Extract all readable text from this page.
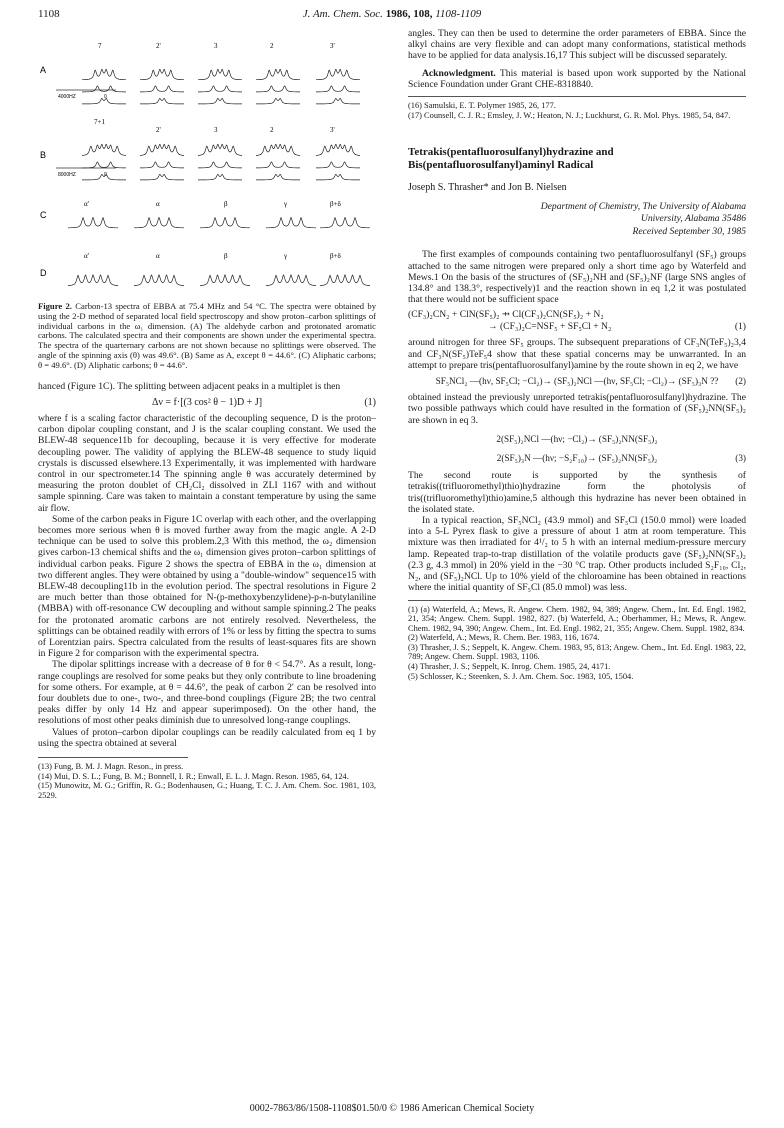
1108	J. Am. Chem. Soc. 1986, 108, 1108-1109
A
B
C
D
4000HZ	0
8000HZ	0
7	2'	3	2	3'
7+1
2'	3	2	3'
α'	α	β	γ	β+δ
α'	α	β	γ	β+δ
Figure 2. Carbon-13 spectra of EBBA at 75.4 MHz and 54 °C. The spectra were obtained by using the 2-D method of separated local field spectroscopy and show proton–carbon splittings of individual carbons in the ω₁ dimension. (A) The aldehyde carbon and protonated aromatic carbons. The calculated spectra and their components are shown under the experimental spectra. The spectra of the quarternary carbons are not shown because no splittings were observed. The angle of the spinning axis (θ) was 49.6°. (B) Same as A, except θ = 44.6°. (C) Aliphatic carbons; θ = 49.6°. (D) Aliphatic carbons; θ = 44.6°.

hanced (Figure 1C). The splitting between adjacent peaks in a multiplet is then

Δν = f·[(3 cos² θ − 1)D + J]	(1)

where f is a scaling factor characteristic of the decoupling sequence, D is the proton–carbon dipolar coupling constant, and J is the scalar coupling constant. We used the BLEW-48 sequence11b for decoupling, because it is very effective for moderate decoupling power. The validity of applying the BLEW-48 sequence to study liquid crystals is discussed elsewhere.13 Experimentally, it was implemented with hardware control in our spectrometer.14 The spinning angle θ was accurately determined by measuring the proton doublet of CH₂Cl₂ dissolved in ZLI 1167 with and without sample spinning. Care was taken to maintain a constant temperature by using the same air flow.

Some of the carbon peaks in Figure 1C overlap with each other, and the overlapping becomes more serious when θ is moved further away from the magic angle. A 2-D technique can be used to solve this problem.2,3 With this method, the ω₂ dimension gives carbon-13 chemical shifts and the ω₁ dimension gives proton–carbon splittings of individual carbon peaks. Figure 2 shows the spectra of EBBA in the ω₁ dimension at two different angles. They were obtained by using a "double-window" sequence15 with BLEW-48 decoupling11b in the evolution period. The spectral resolutions in Figure 2 are much better than those obtained for N-(p-methoxybenzylidene)-p-n-butylaniline (MBBA) with off-resonance CW decoupling and without sample spinning.2 The peaks for the protonated aromatic carbons are not entirely resolved. Nevertheless, the splittings can be obtained readily with errors of 1% or less by fitting the spectra to sums of Lorentzian pairs. Spectra calculated from the results of least-squares fits are shown in Figure 2 for comparison with the experimental spectra.

The dipolar splittings increase with a decrease of θ for θ < 54.7°. As a result, long-range couplings are resolved for some peaks but they only contribute to line broadening for some others. For example, at θ = 44.6°, the peak of carbon 2′ can be resolved into four doublets due to one-, two-, and three-bond couplings (Figure 2B; the two central peaks differ by only 14 Hz and appear superimposed). On the other hand, the resolutions of most other peaks diminish due to unresolved long-range couplings.

Values of proton–carbon dipolar couplings can be readily calculated from eq 1 by using the spectra obtained at several

(13) Fung, B. M. J. Magn. Reson., in press.

(14) Mui, D. S. L.; Fung, B. M.; Bonnell, I. R.; Enwall, E. L. J. Magn. Reson. 1985, 64, 124.

(15) Munowitz, M. G.; Griffin, R. G.; Bodenhausen, G.; Huang, T. C. J. Am. Chem. Soc. 1981, 103, 2529.

angles. They can then be used to determine the order parameters of EBBA. Since the alkyl chains are very flexible and can adopt many conformations, statistical methods have to be applied for data analysis.16,17 This subject will be discussed separately.

Acknowledgment. This material is based upon work supported by the National Science Foundation under Grant CHE-8318840.

(16) Samulski, E. T. Polymer 1985, 26, 177.

(17) Counsell, C. J. R.; Emsley, J. W.; Heaton, N. J.; Luckhurst, G. R. Mol. Phys. 1985, 54, 847.

Tetrakis(pentafluorosulfanyl)hydrazine and Bis(pentafluorosulfanyl)aminyl Radical

Joseph S. Thrasher* and Jon B. Nielsen

Department of Chemistry, The University of Alabama
University, Alabama 35486

Received September 30, 1985

The first examples of compounds containing two pentafluorosulfanyl (SF₅) groups attached to the same nitrogen were prepared only a short time ago by Waterfeld and Mews.1 On the basis of the structures of (SF₅)₂NH and (SF₅)₂NF (large SNS angles of 134.8° and 138.3°, respectively)1 and the reaction shown in eq 1,2 it was postulated that there would not be sufficient space

(CF₃)₂CN₂ + ClN(SF₅)₂ ⇸ Cl(CF₃)₂CN(SF₅)₂ + N₂
→ (CF₃)₂C=NSF₅ + SF₅Cl + N₂	(1)

around nitrogen for three SF₅ groups. The subsequent preparations of CF₃N(TeF₅)₂3,4 and CF₃N(SF₅)TeF₅4 show that these spatial concerns may be unwarranted. In an attempt to prepare tris(pentafluorosulfanyl)amine by the route shown in eq 2, we have

SF₅NCl₂ —(hν, SF₅Cl; −Cl₂)→ (SF₅)₂NCl —(hν, SF₅Cl; −Cl₂)→ (SF₅)₃N ?? (2)

obtained instead the previously unreported tetrakis(pentafluorosulfanyl)hydrazine. The two possible pathways which could have resulted in the formation of (SF₅)₂NN(SF₅)₂ are shown in eq 3.

2(SF₅)₂NCl —(hν; −Cl₂)→ (SF₅)₂NN(SF₅)₂
2(SF₅)₃N —(hν; −S₂F₁₀)→ (SF₅)₂NN(SF₅)₂	(3)

The second route is supported by the synthesis of tetrakis((trifluoromethyl)thio)hydrazine form the photolysis of tris((trifluoromethyl)thio)amine,5 although this hydrazine has never been obtained in the isolated state.

In a typical reaction, SF₅NCl₂ (43.9 mmol) and SF₅Cl (150.0 mmol) were loaded into a 5-L Pyrex flask to give a pressure of about 1 atm at room temperature. This mixture was then irradiated for 4¹/₂ to 5 h with an internal medium-pressure mercury lamp. Repeated trap-to-trap distillation of the volatile products gave (SF₅)₂NN(SF₅)₂ (2.3 g, 4.3 mmol) in 20% yield in the −30 °C trap. Other products included S₂F₁₀, Cl₂, N₂, and (SF₅)₂NCl. Up to 10% yield of the chloroamine has been obtained in reactions where the initial quantity of SF₅Cl (85.0 mmol) was less.

(1) (a) Waterfeld, A.; Mews, R. Angew. Chem. 1982, 94, 389; Angew. Chem., Int. Ed. Engl. 1982, 21, 354; Angew. Chem. Suppl. 1982, 827. (b) Waterfeld, A.; Oberhammer, H.; Mews, R. Angew. Chem. 1982, 94, 390; Angew. Chem., Int. Ed. Engl. 1982, 21, 355; Angew. Chem. Suppl. 1982, 834.

(2) Waterfeld, A.; Mews, R. Chem. Ber. 1983, 116, 1674.

(3) Thrasher, J. S.; Seppelt, K. Angew. Chem. 1983, 95, 813; Angew. Chem., Int. Ed. Engl. 1983, 22, 789; Angew. Chem. Suppl. 1983, 1106.

(4) Thrasher, J. S.; Seppelt, K. Inrog. Chem. 1985, 24, 4171.

(5) Schlosser, K.; Steenken, S. J. Am. Chem. Soc. 1983, 105, 1504.

0002-7863/86/1508-1108$01.50/0 © 1986 American Chemical Society
